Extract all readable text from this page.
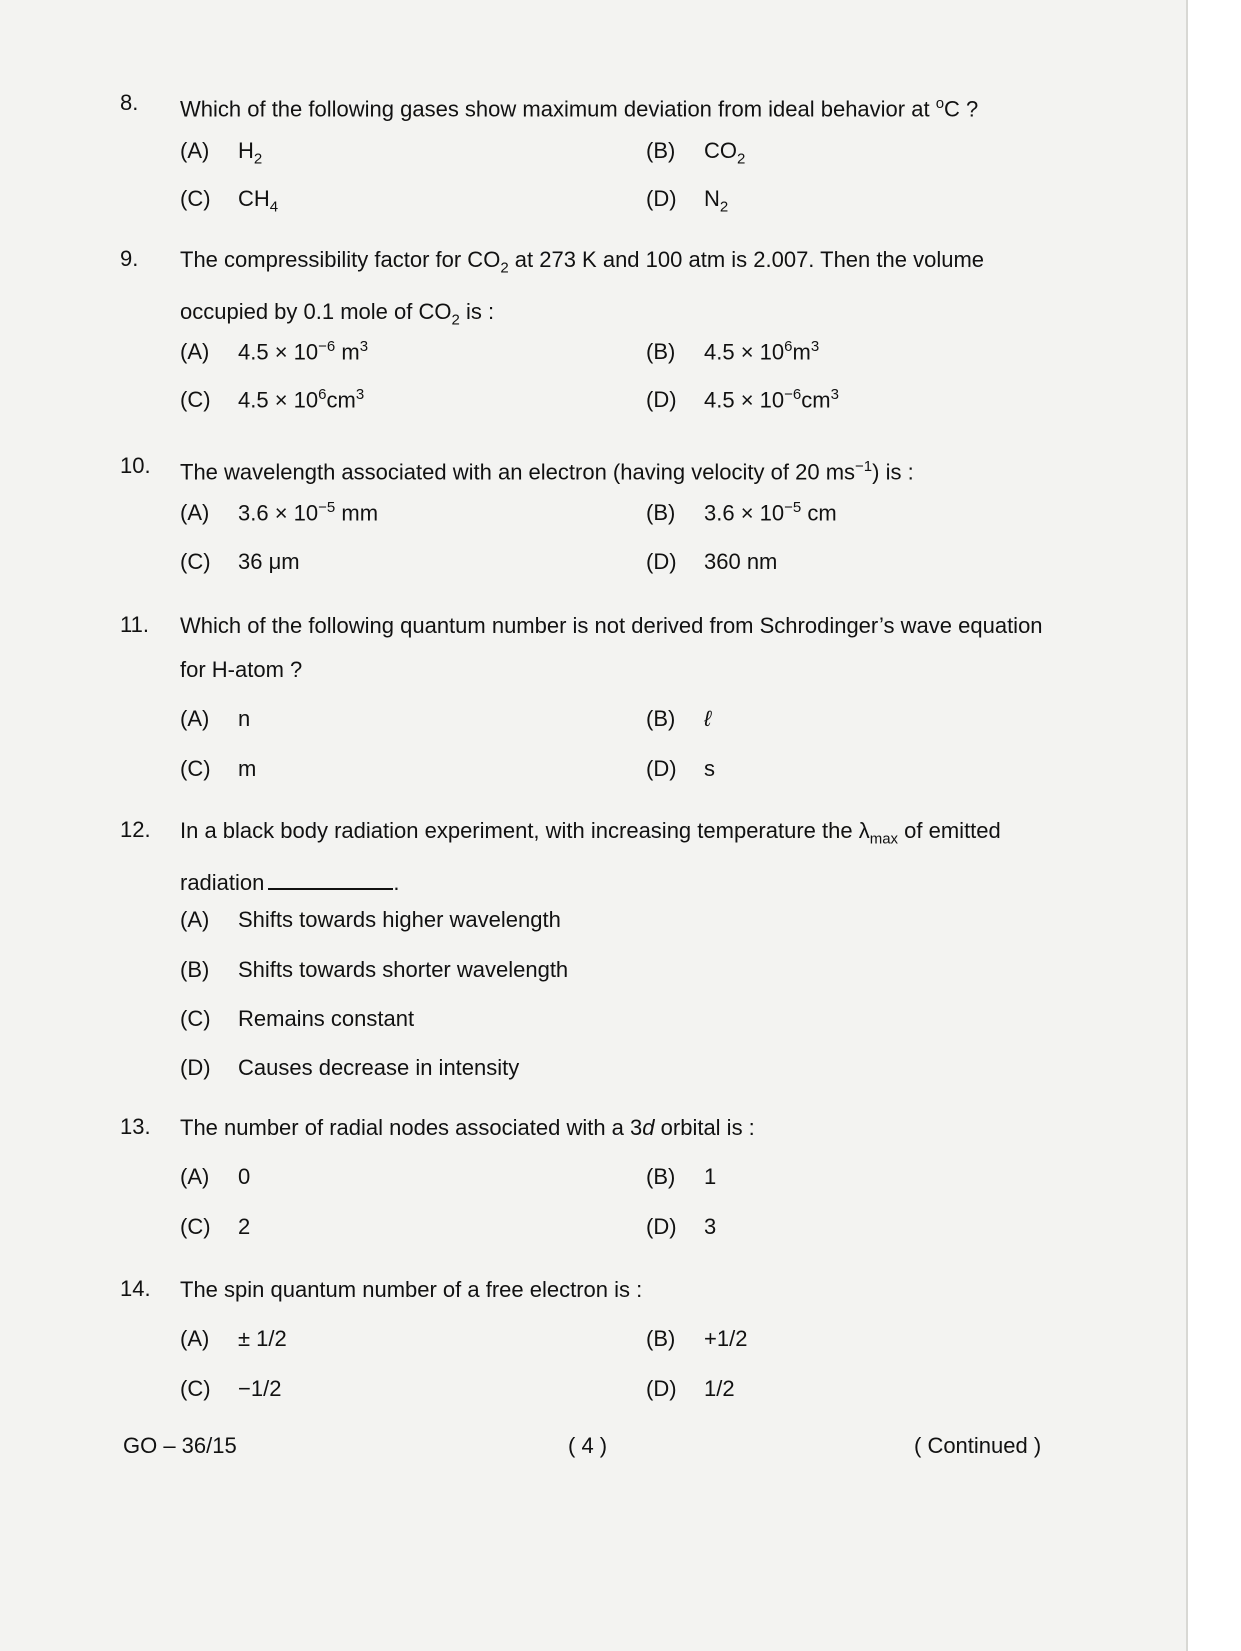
8. Which of the following gases show maximum deviation from ideal behavior at $^o$C ?
(A) $H_2$	(B) $CO_2$
(C) $CH_4$	(D) $N_2$
9. The compressibility factor for $CO_2$ at 273 K and 100 atm is 2.007. Then the volume occupied by 0.1 mole of $CO_2$ is :
(A) $4.5 \times 10^{-6}$ $m^3$	(B) $4.5 \times 10^6m^3$
(C) $4.5 \times 10^6cm^3$	(D) $4.5 \times 10^{-6}cm^3$
10. The wavelength associated with an electron (having velocity of 20 $ms^{-1}$) is :
(A) $3.6 \times 10^{-5}$ mm	(B) $3.6 \times 10^{-5}$ cm
(C) 36 μm	(D) 360 nm
11. Which of the following quantum number is not derived from Schrodinger’s wave equation for H-atom ?
(A) n	(B) ℓ
(C) m	(D) s
12. In a black body radiation experiment, with increasing temperature the $\lambda_{max}$ of emitted radiation	.
(A) Shifts towards higher wavelength
(B) Shifts towards shorter wavelength
(C) Remains constant
(D) Causes decrease in intensity
13. The number of radial nodes associated with a 3d orbital is :
(A) 0	(B) 1
(C) 2	(D) 3
14. The spin quantum number of a free electron is :
(A) ± 1/2	(B) +1/2
(C) −1/2	(D) 1/2
GO – 36/15	( 4 )	( Continued )
